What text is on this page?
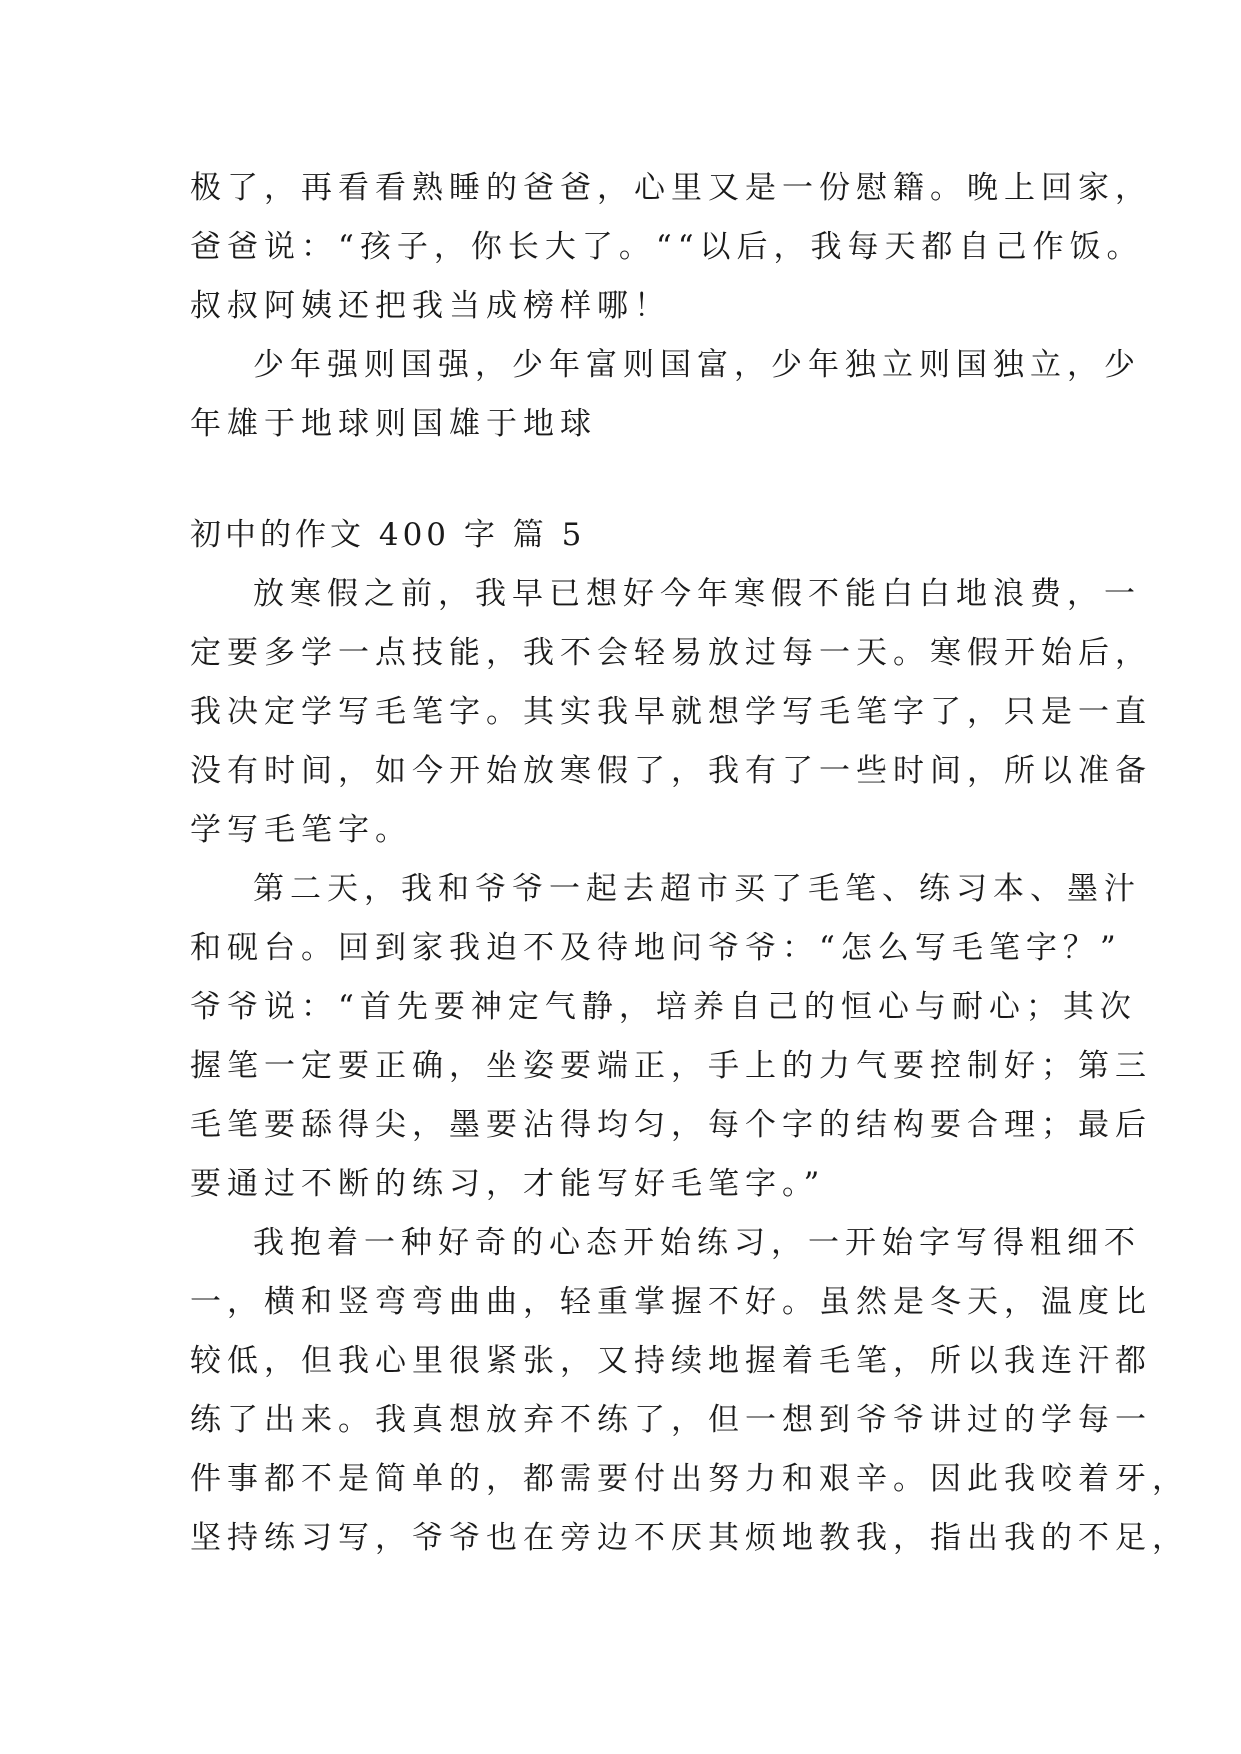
极了，再看看熟睡的爸爸，心里又是一份慰籍。晚上回家，
爸爸说：“孩子，你长大了。““以后，我每天都自己作饭。
叔叔阿姨还把我当成榜样哪！
少年强则国强，少年富则国富，少年独立则国独立，少
年雄于地球则国雄于地球
初中的作文 400 字 篇 5
放寒假之前，我早已想好今年寒假不能白白地浪费，一
定要多学一点技能，我不会轻易放过每一天。寒假开始后，
我决定学写毛笔字。其实我早就想学写毛笔字了，只是一直
没有时间，如今开始放寒假了，我有了一些时间，所以准备
学写毛笔字。
第二天，我和爷爷一起去超市买了毛笔、练习本、墨汁
和砚台。回到家我迫不及待地问爷爷：“怎么写毛笔字？”
爷爷说：“首先要神定气静，培养自己的恒心与耐心；其次
握笔一定要正确，坐姿要端正，手上的力气要控制好；第三
毛笔要舔得尖，墨要沾得均匀，每个字的结构要合理；最后
要通过不断的练习，才能写好毛笔字。”
我抱着一种好奇的心态开始练习，一开始字写得粗细不
一，横和竖弯弯曲曲，轻重掌握不好。虽然是冬天，温度比
较低，但我心里很紧张，又持续地握着毛笔，所以我连汗都
练了出来。我真想放弃不练了，但一想到爷爷讲过的学每一
件事都不是简单的，都需要付出努力和艰辛。因此我咬着牙，
坚持练习写，爷爷也在旁边不厌其烦地教我，指出我的不足，
